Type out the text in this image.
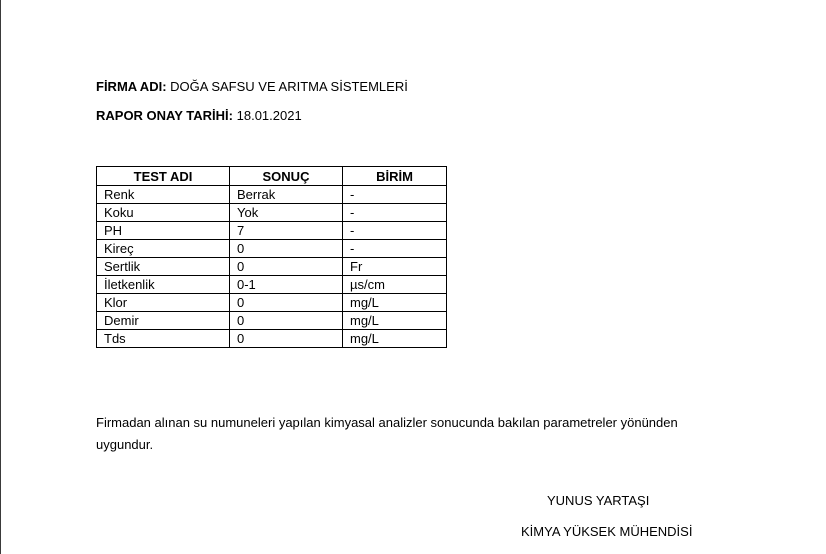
FİRMA ADI: DOĞA SAFSU VE ARITMA SİSTEMLERİ
RAPOR ONAY TARİHİ: 18.01.2021
TEST ADI	SONUÇ	BİRİM
Renk	Berrak	-
Koku	Yok	-
PH	7	-
Kireç	0	-
Sertlik	0	Fr
İletkenlik	0-1	µs/cm
Klor	0	mg/L
Demir	0	mg/L
Tds	0	mg/L
Firmadan alınan su numuneleri yapılan kimyasal analizler sonucunda bakılan parametreler yönünden uygundur.
YUNUS YARTAŞI
KİMYA YÜKSEK MÜHENDİSİ
